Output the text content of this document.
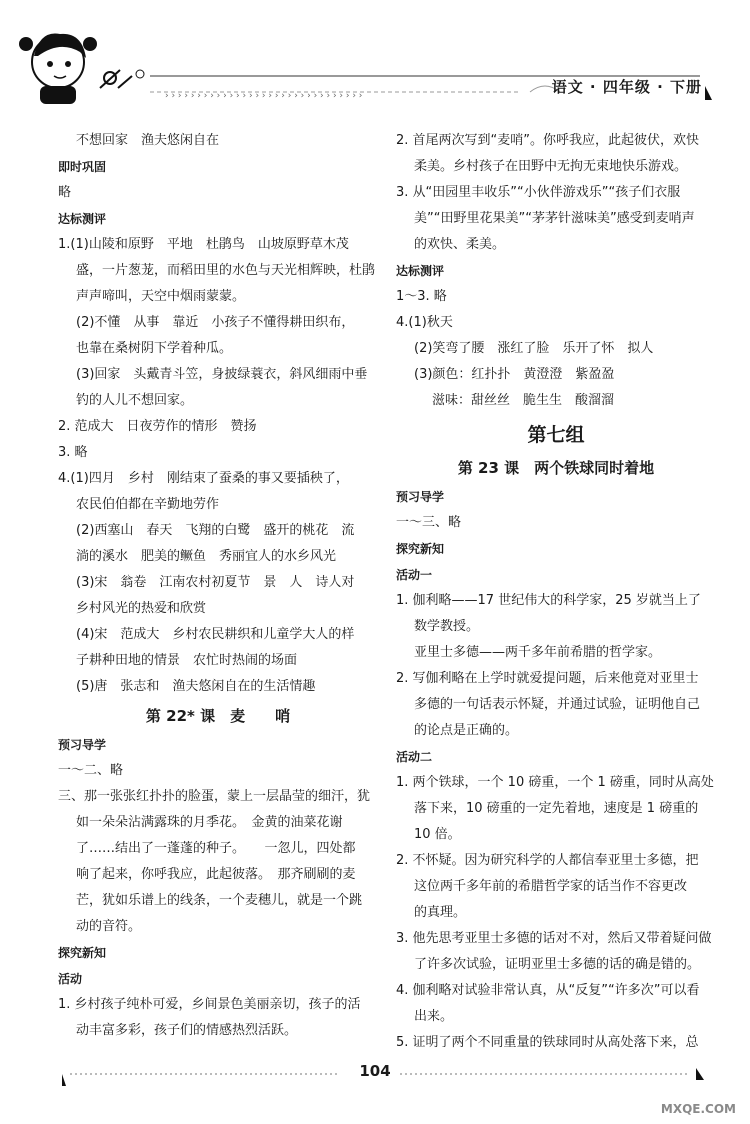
› › › › › › › › › › › › › › › › › › › › › › › › › › › › › › ›	语文 · 四年级 · 下册
不想回家　渔夫悠闲自在
即时巩固
略
达标测评
1.(1)山陵和原野　平地　杜鹃鸟　山坡原野草木茂
盛，一片葱茏，而稻田里的水色与天光相辉映，杜鹃
声声啼叫，天空中烟雨蒙蒙。
(2)不懂　从事　靠近　小孩子不懂得耕田织布，
也靠在桑树阴下学着种瓜。
(3)回家　头戴青斗笠，身披绿蓑衣，斜风细雨中垂
钓的人儿不想回家。
2. 范成大　日夜劳作的情形　赞扬
3. 略
4.(1)四月　乡村　刚结束了蚕桑的事又要插秧了，
农民伯伯都在辛勤地劳作
(2)西塞山　春天　飞翔的白鹭　盛开的桃花　流
淌的溪水　肥美的鳜鱼　秀丽宜人的水乡风光
(3)宋　翁卷　江南农村初夏节　景　人　诗人对
乡村风光的热爱和欣赏
(4)宋　范成大　乡村农民耕织和儿童学大人的样
子耕种田地的情景　农忙时热闹的场面
(5)唐　张志和　渔夫悠闲自在的生活情趣
第 22* 课　麦　　哨
预习导学
一～二、略
三、那一张张红扑扑的脸蛋，蒙上一层晶莹的细汗，犹
如一朵朵沾满露珠的月季花。　金黄的油菜花谢
了……结出了一蓬蓬的种子。　　一忽儿，四处都
响了起来，你呼我应，此起彼落。　那齐刷刷的麦
芒，犹如乐谱上的线条，一个麦穗儿，就是一个跳
动的音符。
探究新知
活动
1. 乡村孩子纯朴可爱，乡间景色美丽亲切，孩子的活
动丰富多彩，孩子们的情感热烈活跃。
2. 首尾两次写到“麦哨”。你呼我应，此起彼伏，欢快
柔美。乡村孩子在田野中无拘无束地快乐游戏。
3. 从“田园里丰收乐”“小伙伴游戏乐”“孩子们衣服
美”“田野里花果美”“茅茅针滋味美”感受到麦哨声
的欢快、柔美。
达标测评
1～3. 略
4.(1)秋天
(2)笑弯了腰　涨红了脸　乐开了怀　拟人
(3)颜色：红扑扑　黄澄澄　紫盈盈
滋味：甜丝丝　脆生生　酸溜溜
第七组
第 23 课　两个铁球同时着地
预习导学
一～三、略
探究新知
活动一
1. 伽利略——17 世纪伟大的科学家，25 岁就当上了
数学教授。
亚里士多德——两千多年前希腊的哲学家。
2. 写伽利略在上学时就爱提问题，后来他竟对亚里士
多德的一句话表示怀疑，并通过试验，证明他自己
的论点是正确的。
活动二
1. 两个铁球，一个 10 磅重，一个 1 磅重，同时从高处
落下来，10 磅重的一定先着地，速度是 1 磅重的
10 倍。
2. 不怀疑。因为研究科学的人都信奉亚里士多德，把
这位两千多年前的希腊哲学家的话当作不容更改
的真理。
3. 他先思考亚里士多德的话对不对，然后又带着疑问做
了许多次试验，证明亚里士多德的话的确是错的。
4. 伽利略对试验非常认真，从“反复”“许多次”可以看
出来。
5. 证明了两个不同重量的铁球同时从高处落下来，总
104
MXQE.COM
